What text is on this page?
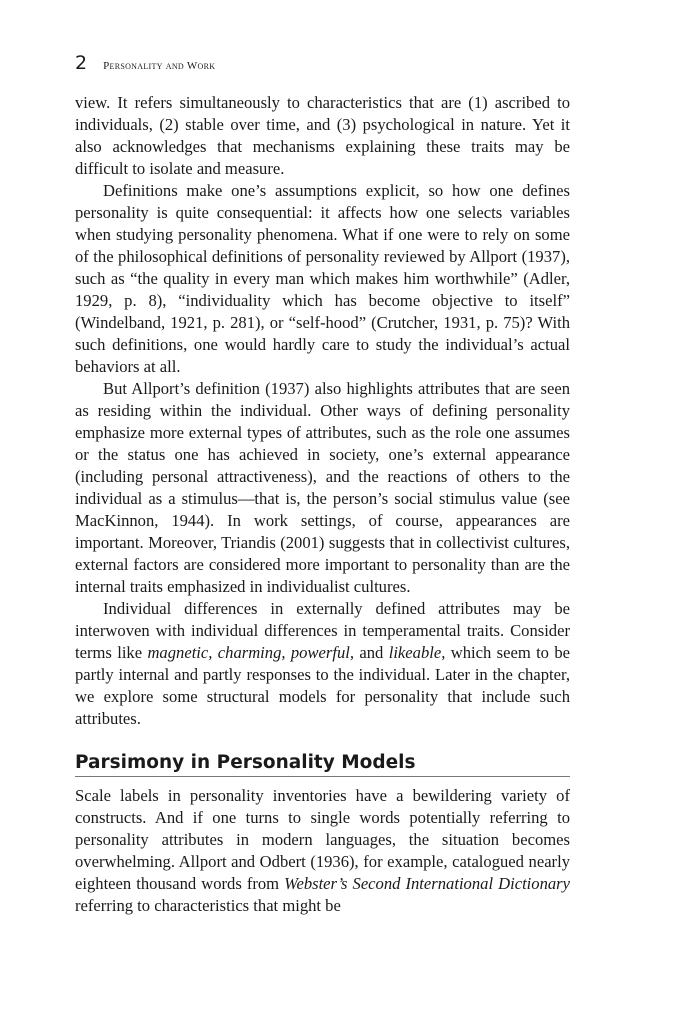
2 Personality and Work

view. It refers simultaneously to characteristics that are (1) ascribed to individuals, (2) stable over time, and (3) psychological in nature. Yet it also acknowledges that mechanisms explaining these traits may be difficult to isolate and measure.

Definitions make one’s assumptions explicit, so how one defines personality is quite consequential: it affects how one selects variables when studying personality phenomena. What if one were to rely on some of the philosophical definitions of personality reviewed by Allport (1937), such as “the quality in every man which makes him worthwhile” (Adler, 1929, p. 8), “individuality which has become objective to itself” (Windelband, 1921, p. 281), or “self-hood” (Crutcher, 1931, p. 75)? With such definitions, one would hardly care to study the individual’s actual behaviors at all.

But Allport’s definition (1937) also highlights attributes that are seen as residing within the individual. Other ways of defining personality emphasize more external types of attributes, such as the role one assumes or the status one has achieved in society, one’s external appearance (including personal attractiveness), and the reactions of others to the individual as a stimulus—that is, the person’s social stimulus value (see MacKinnon, 1944). In work settings, of course, appearances are important. Moreover, Triandis (2001) suggests that in collectivist cultures, external factors are considered more important to personality than are the internal traits emphasized in individualist cultures.

Individual differences in externally defined attributes may be interwoven with individual differences in temperamental traits. Consider terms like magnetic, charming, powerful, and likeable, which seem to be partly internal and partly responses to the individual. Later in the chapter, we explore some structural models for personality that include such attributes.

Parsimony in Personality Models

Scale labels in personality inventories have a bewildering variety of constructs. And if one turns to single words potentially referring to personality attributes in modern languages, the situation becomes overwhelming. Allport and Odbert (1936), for example, catalogued nearly eighteen thousand words from Webster’s Second International Dictionary referring to characteristics that might be
